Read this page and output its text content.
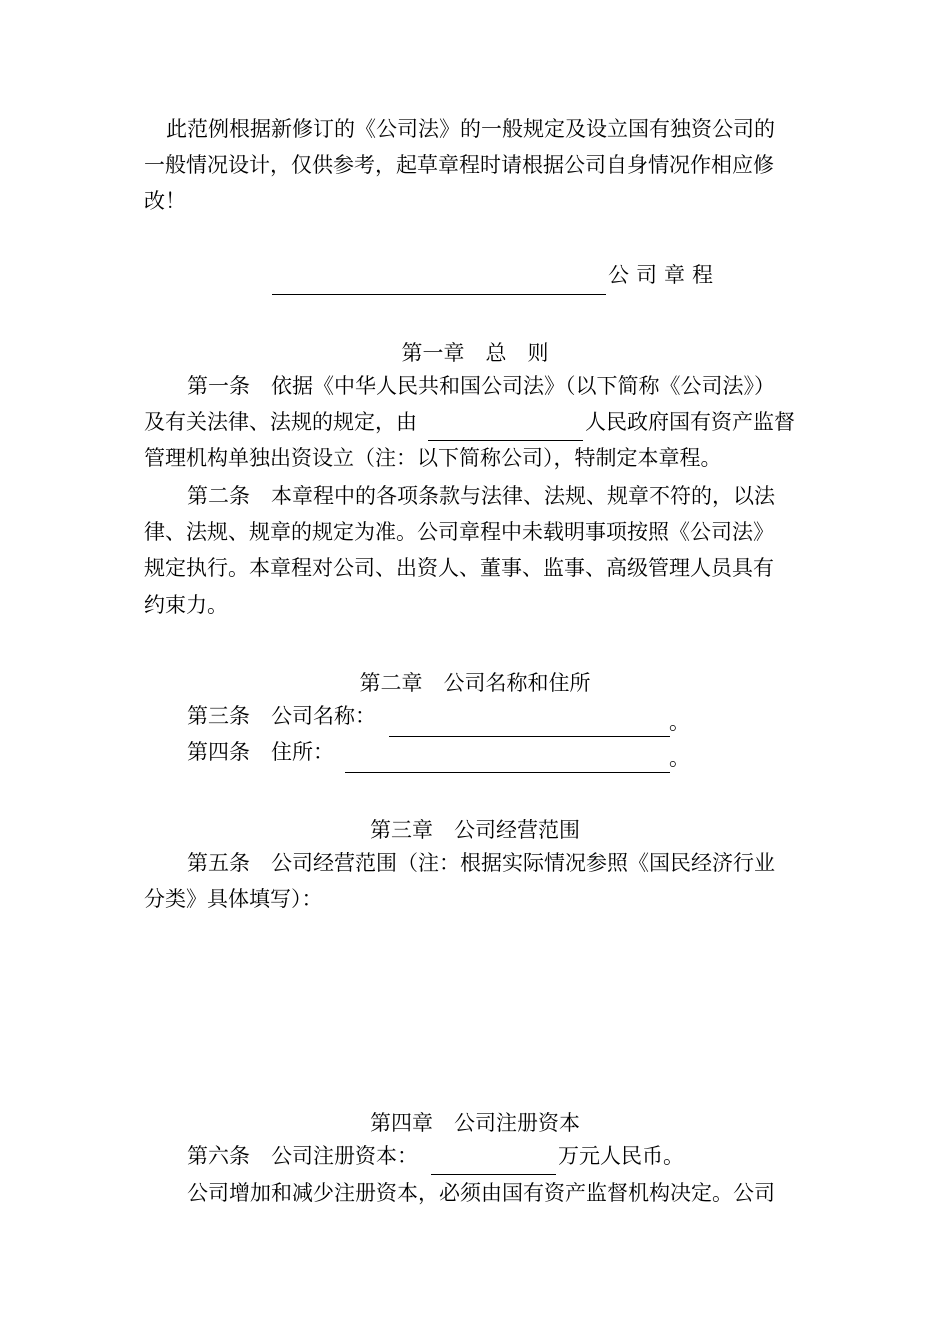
此范例根据新修订的《公司法》的一般规定及设立国有独资公司的
一般情况设计，仅供参考，起草章程时请根据公司自身情况作相应修
改！
公司章程
第一章　总　则
第一条　依据《中华人民共和国公司法》（以下简称《公司法》）
及有关法律、法规的规定，由	人民政府国有资产监督
管理机构单独出资设立（注：以下简称公司），特制定本章程。
第二条　本章程中的各项条款与法律、法规、规章不符的，以法
律、法规、规章的规定为准。公司章程中未载明事项按照《公司法》
规定执行。本章程对公司、出资人、董事、监事、高级管理人员具有
约束力。
第二章　公司名称和住所
第三条　公司名称：	。
第四条　住所：	。
第三章　公司经营范围
第五条　公司经营范围（注：根据实际情况参照《国民经济行业
分类》具体填写）：
第四章　公司注册资本
第六条　公司注册资本：	万元人民币。
公司增加和减少注册资本，必须由国有资产监督机构决定。公司
